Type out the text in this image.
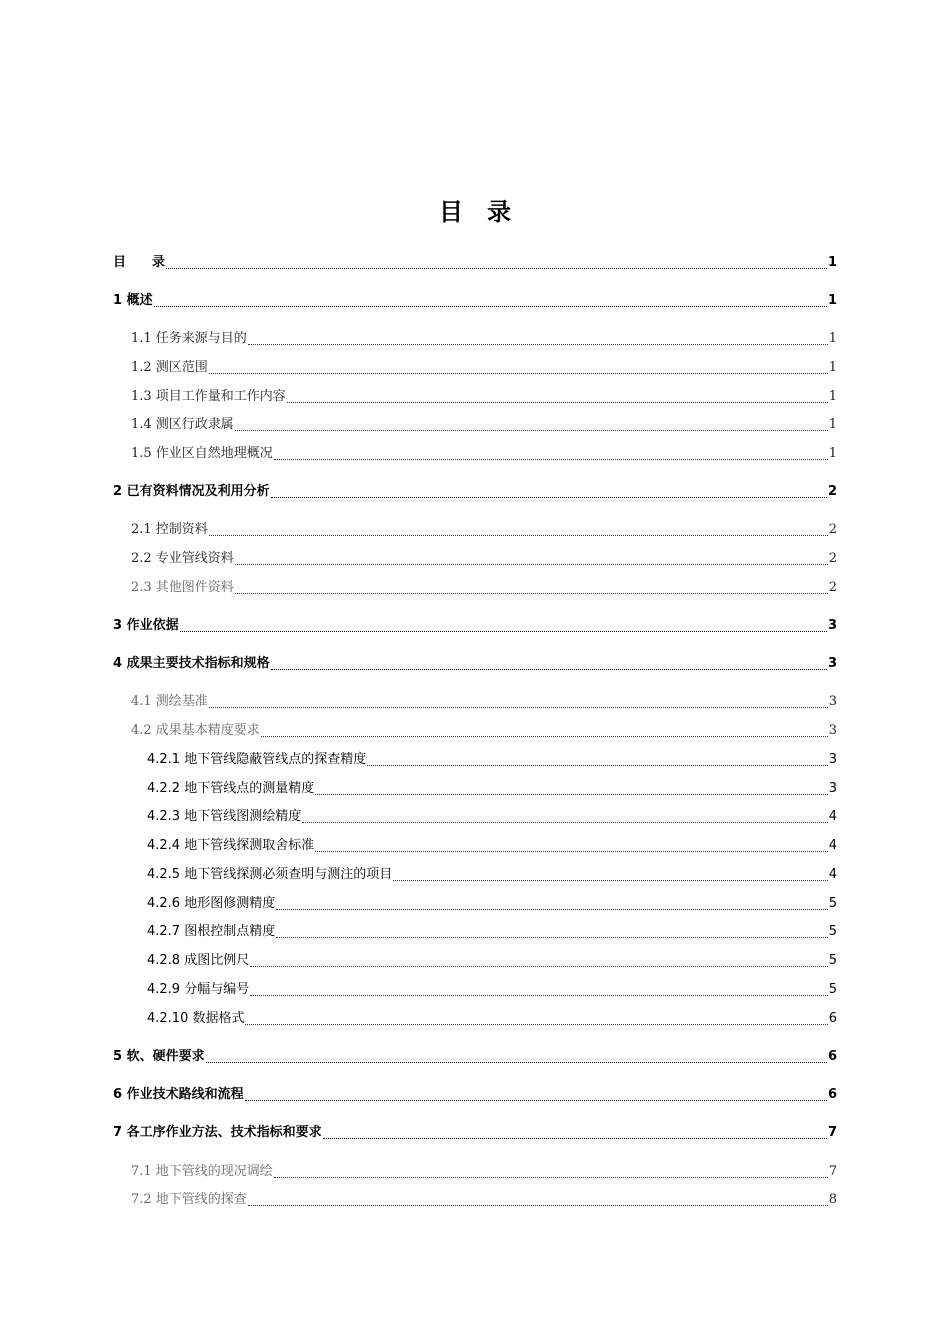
目　录
目　　录	1
1 概述	1
1.1 任务来源与目的	1
1.2 测区范围	1
1.3 项目工作量和工作内容	1
1.4 测区行政隶属	1
1.5 作业区自然地理概况	1
2 已有资料情况及利用分析	2
2.1 控制资料	2
2.2 专业管线资料	2
2.3 其他图件资料	2
3 作业依据	3
4 成果主要技术指标和规格	3
4.1 测绘基准	3
4.2 成果基本精度要求	3
4.2.1 地下管线隐蔽管线点的探查精度	3
4.2.2 地下管线点的测量精度	3
4.2.3 地下管线图测绘精度	4
4.2.4 地下管线探测取舍标准	4
4.2.5 地下管线探测必须查明与测注的项目	4
4.2.6 地形图修测精度	5
4.2.7 图根控制点精度	5
4.2.8 成图比例尺	5
4.2.9 分幅与编号	5
4.2.10 数据格式	6
5 软、硬件要求	6
6 作业技术路线和流程	6
7 各工序作业方法、技术指标和要求	7
7.1 地下管线的现况调绘	7
7.2 地下管线的探查	8
